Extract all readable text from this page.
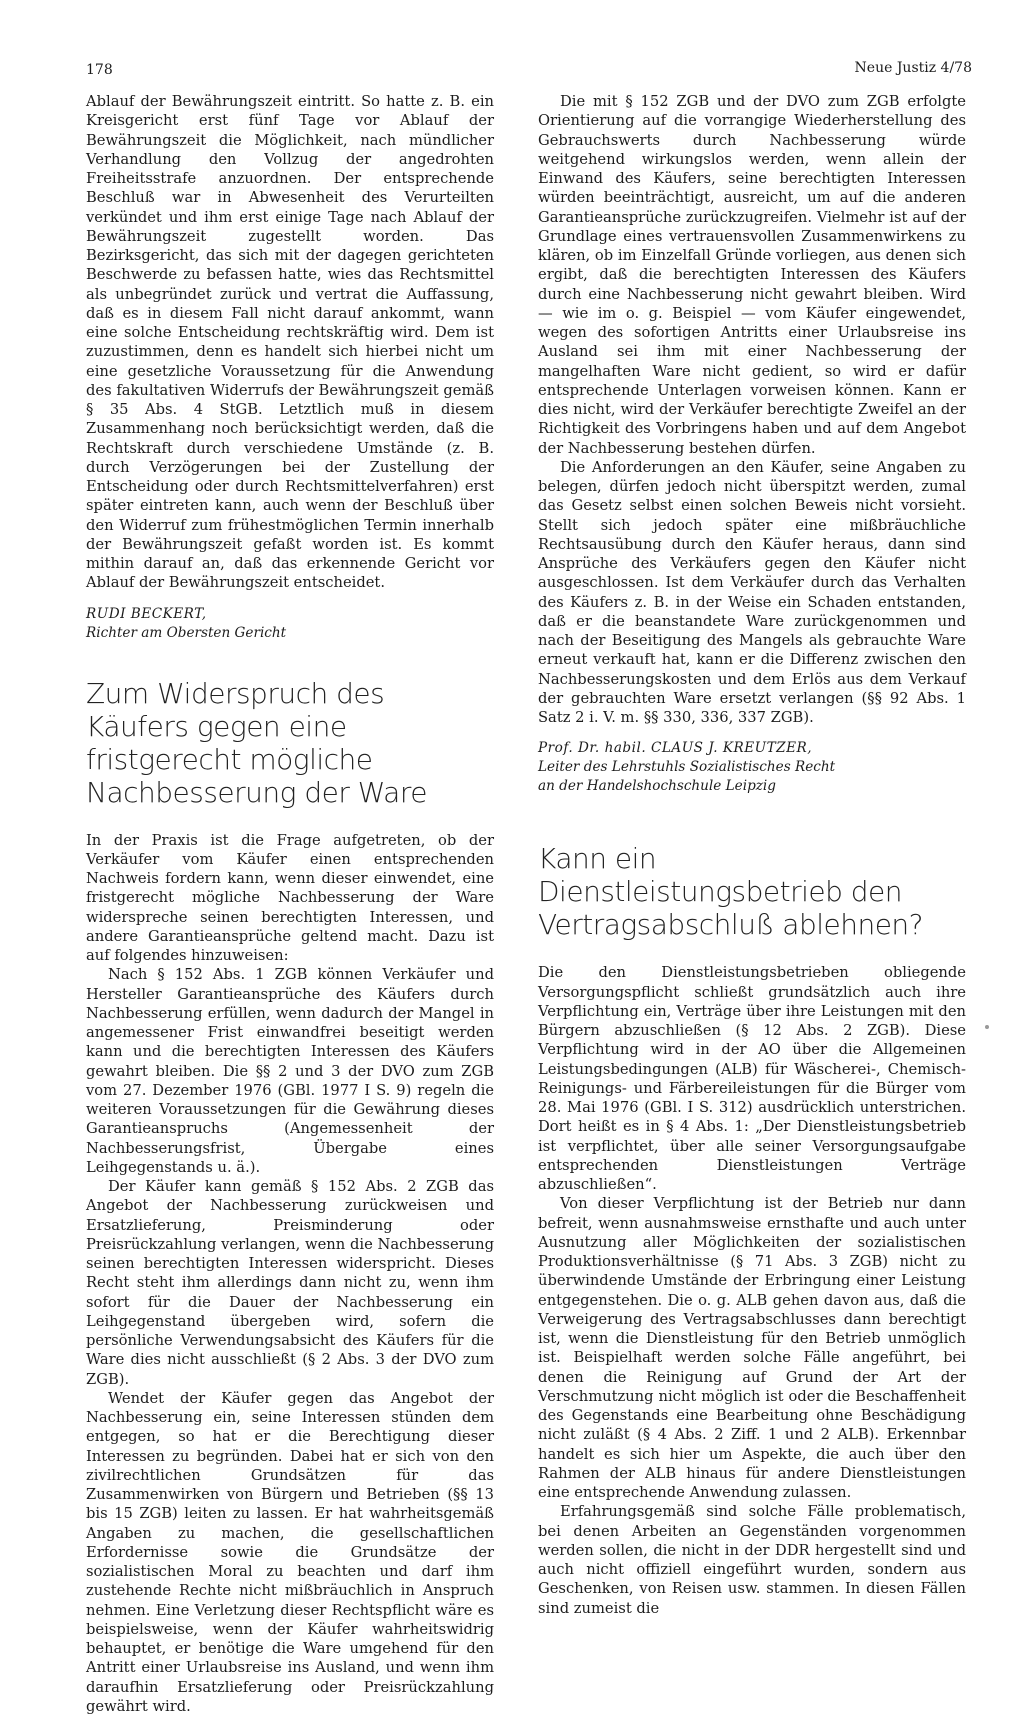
178	Neue Justiz 4/78

Ablauf der Bewährungszeit eintritt. So hatte z. B. ein Kreisgericht erst fünf Tage vor Ablauf der Bewährungszeit die Möglichkeit, nach mündlicher Verhandlung den Vollzug der angedrohten Freiheitsstrafe anzuordnen. Der entsprechende Beschluß war in Abwesenheit des Verurteilten verkündet und ihm erst einige Tage nach Ablauf der Bewährungszeit zugestellt worden. Das Bezirksgericht, das sich mit der dagegen gerichteten Beschwerde zu befassen hatte, wies das Rechtsmittel als unbegründet zurück und vertrat die Auffassung, daß es in diesem Fall nicht darauf ankommt, wann eine solche Entscheidung rechtskräftig wird. Dem ist zuzustimmen, denn es handelt sich hierbei nicht um eine gesetzliche Voraussetzung für die Anwendung des fakultativen Widerrufs der Bewährungszeit gemäß § 35 Abs. 4 StGB. Letztlich muß in diesem Zusammenhang noch berücksichtigt werden, daß die Rechtskraft durch verschiedene Umstände (z. B. durch Verzögerungen bei der Zustellung der Entscheidung oder durch Rechtsmittelverfahren) erst später eintreten kann, auch wenn der Beschluß über den Widerruf zum frühestmöglichen Termin innerhalb der Bewährungszeit gefaßt worden ist. Es kommt mithin darauf an, daß das erkennende Gericht vor Ablauf der Bewährungszeit entscheidet.

RUDI BECKERT,
Richter am Obersten Gericht
Zum Widerspruch des Käufers gegen eine fristgerecht mögliche Nachbesserung der Ware

In der Praxis ist die Frage aufgetreten, ob der Verkäufer vom Käufer einen entsprechenden Nachweis fordern kann, wenn dieser einwendet, eine fristgerecht mögliche Nachbesserung der Ware widerspreche seinen berechtigten Interessen, und andere Garantieansprüche geltend macht. Dazu ist auf folgendes hinzuweisen:

Nach § 152 Abs. 1 ZGB können Verkäufer und Hersteller Garantieansprüche des Käufers durch Nachbesserung erfüllen, wenn dadurch der Mangel in angemessener Frist einwandfrei beseitigt werden kann und die berechtigten Interessen des Käufers gewahrt bleiben. Die §§ 2 und 3 der DVO zum ZGB vom 27. Dezember 1976 (GBl. 1977 I S. 9) regeln die weiteren Voraussetzungen für die Gewährung dieses Garantieanspruchs (Angemessenheit der Nachbesserungsfrist, Übergabe eines Leihgegenstands u. ä.).

Der Käufer kann gemäß § 152 Abs. 2 ZGB das Angebot der Nachbesserung zurückweisen und Ersatzlieferung, Preisminderung oder Preisrückzahlung verlangen, wenn die Nachbesserung seinen berechtigten Interessen widerspricht. Dieses Recht steht ihm allerdings dann nicht zu, wenn ihm sofort für die Dauer der Nachbesserung ein Leihgegenstand übergeben wird, sofern die persönliche Verwendungsabsicht des Käufers für die Ware dies nicht ausschließt (§ 2 Abs. 3 der DVO zum ZGB).

Wendet der Käufer gegen das Angebot der Nachbesserung ein, seine Interessen stünden dem entgegen, so hat er die Berechtigung dieser Interessen zu begründen. Dabei hat er sich von den zivilrechtlichen Grundsätzen für das Zusammenwirken von Bürgern und Betrieben (§§ 13 bis 15 ZGB) leiten zu lassen. Er hat wahrheitsgemäß Angaben zu machen, die gesellschaftlichen Erfordernisse sowie die Grundsätze der sozialistischen Moral zu beachten und darf ihm zustehende Rechte nicht mißbräuchlich in Anspruch nehmen. Eine Verletzung dieser Rechtspflicht wäre es beispielsweise, wenn der Käufer wahrheitswidrig behauptet, er benötige die Ware umgehend für den Antritt einer Urlaubsreise ins Ausland, und wenn ihm daraufhin Ersatzlieferung oder Preisrückzahlung gewährt wird.

Die mit § 152 ZGB und der DVO zum ZGB erfolgte Orientierung auf die vorrangige Wiederherstellung des Gebrauchswerts durch Nachbesserung würde weitgehend wirkungslos werden, wenn allein der Einwand des Käufers, seine berechtigten Interessen würden beeinträchtigt, ausreicht, um auf die anderen Garantieansprüche zurückzugreifen. Vielmehr ist auf der Grundlage eines vertrauensvollen Zusammenwirkens zu klären, ob im Einzelfall Gründe vorliegen, aus denen sich ergibt, daß die berechtigten Interessen des Käufers durch eine Nachbesserung nicht gewahrt bleiben. Wird — wie im o. g. Beispiel — vom Käufer eingewendet, wegen des sofortigen Antritts einer Urlaubsreise ins Ausland sei ihm mit einer Nachbesserung der mangelhaften Ware nicht gedient, so wird er dafür entsprechende Unterlagen vorweisen können. Kann er dies nicht, wird der Verkäufer berechtigte Zweifel an der Richtigkeit des Vorbringens haben und auf dem Angebot der Nachbesserung bestehen dürfen.

Die Anforderungen an den Käufer, seine Angaben zu belegen, dürfen jedoch nicht überspitzt werden, zumal das Gesetz selbst einen solchen Beweis nicht vorsieht. Stellt sich jedoch später eine mißbräuchliche Rechtsausübung durch den Käufer heraus, dann sind Ansprüche des Verkäufers gegen den Käufer nicht ausgeschlossen. Ist dem Verkäufer durch das Verhalten des Käufers z. B. in der Weise ein Schaden entstanden, daß er die beanstandete Ware zurückgenommen und nach der Beseitigung des Mangels als gebrauchte Ware erneut verkauft hat, kann er die Differenz zwischen den Nachbesserungskosten und dem Erlös aus dem Verkauf der gebrauchten Ware ersetzt verlangen (§§ 92 Abs. 1 Satz 2 i. V. m. §§ 330, 336, 337 ZGB).

Prof. Dr. habil. CLAUS J. KREUTZER,
Leiter des Lehrstuhls Sozialistisches Recht
an der Handelshochschule Leipzig
Kann ein Dienstleistungsbetrieb den Vertragsabschluß ablehnen?

Die den Dienstleistungsbetrieben obliegende Versorgungspflicht schließt grundsätzlich auch ihre Verpflichtung ein, Verträge über ihre Leistungen mit den Bürgern abzuschließen (§ 12 Abs. 2 ZGB). Diese Verpflichtung wird in der AO über die Allgemeinen Leistungsbedingungen (ALB) für Wäscherei-, Chemisch-Reinigungs- und Färbereileistungen für die Bürger vom 28. Mai 1976 (GBl. I S. 312) ausdrücklich unterstrichen. Dort heißt es in § 4 Abs. 1: „Der Dienstleistungsbetrieb ist verpflichtet, über alle seiner Versorgungsaufgabe entsprechenden Dienstleistungen Verträge abzuschließen“.

Von dieser Verpflichtung ist der Betrieb nur dann befreit, wenn ausnahmsweise ernsthafte und auch unter Ausnutzung aller Möglichkeiten der sozialistischen Produktionsverhältnisse (§ 71 Abs. 3 ZGB) nicht zu überwindende Umstände der Erbringung einer Leistung entgegenstehen. Die o. g. ALB gehen davon aus, daß die Verweigerung des Vertragsabschlusses dann berechtigt ist, wenn die Dienstleistung für den Betrieb unmöglich ist. Beispielhaft werden solche Fälle angeführt, bei denen die Reinigung auf Grund der Art der Verschmutzung nicht möglich ist oder die Beschaffenheit des Gegenstands eine Bearbeitung ohne Beschädigung nicht zuläßt (§ 4 Abs. 2 Ziff. 1 und 2 ALB). Erkennbar handelt es sich hier um Aspekte, die auch über den Rahmen der ALB hinaus für andere Dienstleistungen eine entsprechende Anwendung zulassen.

Erfahrungsgemäß sind solche Fälle problematisch, bei denen Arbeiten an Gegenständen vorgenommen werden sollen, die nicht in der DDR hergestellt sind und auch nicht offiziell eingeführt wurden, sondern aus Geschenken, von Reisen usw. stammen. In diesen Fällen sind zumeist die
